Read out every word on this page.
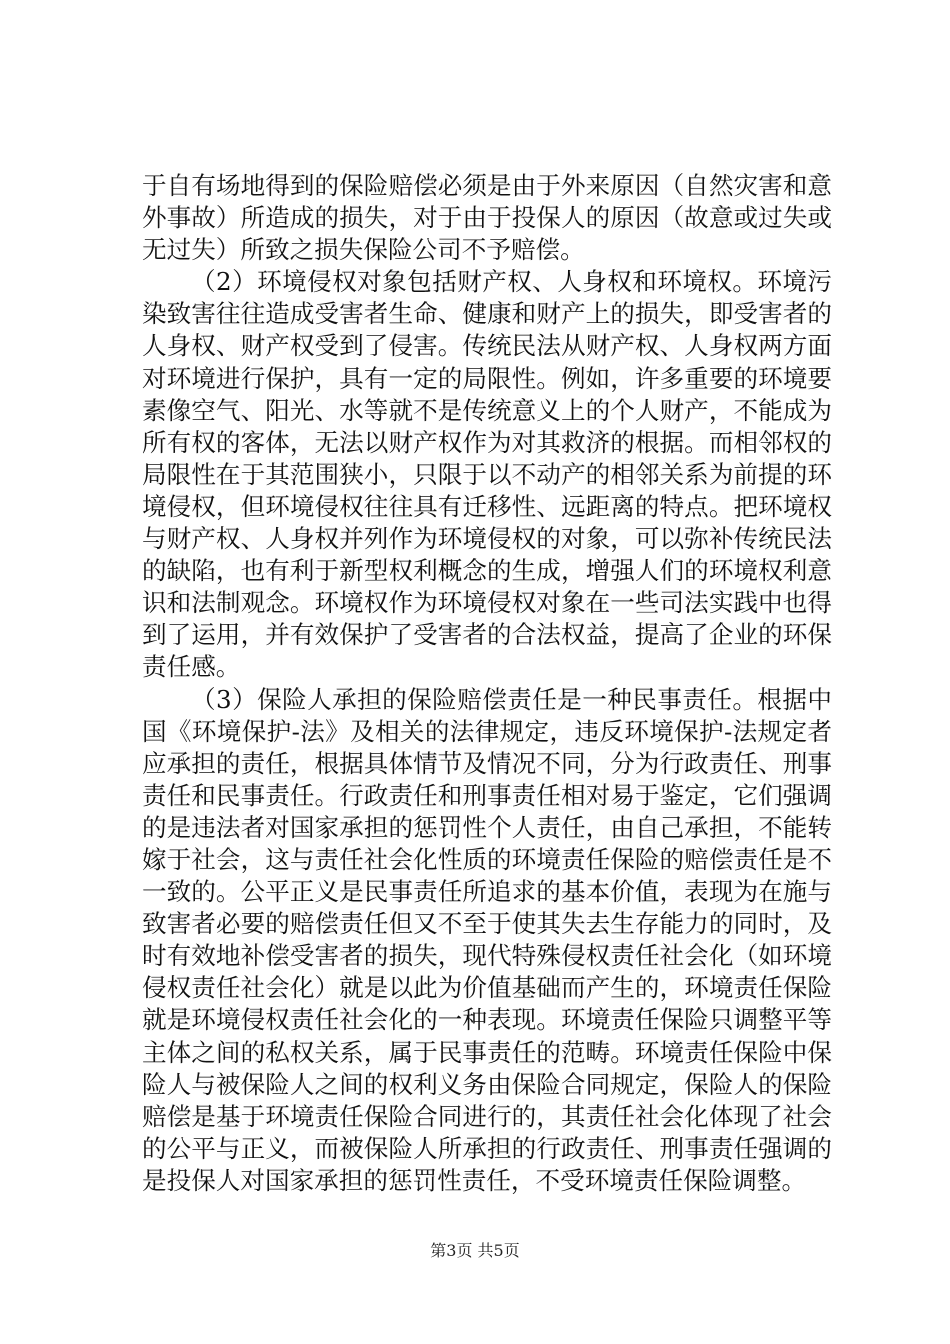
于自有场地得到的保险赔偿必须是由于外来原因（自然灾害和意外事故）所造成的损失，对于由于投保人的原因（故意或过失或无过失）所致之损失保险公司不予赔偿。

（2）环境侵权对象包括财产权、人身权和环境权。环境污染致害往往造成受害者生命、健康和财产上的损失，即受害者的人身权、财产权受到了侵害。传统民法从财产权、人身权两方面对环境进行保护，具有一定的局限性。例如，许多重要的环境要素像空气、阳光、水等就不是传统意义上的个人财产，不能成为所有权的客体，无法以财产权作为对其救济的根据。而相邻权的局限性在于其范围狭小，只限于以不动产的相邻关系为前提的环境侵权，但环境侵权往往具有迁移性、远距离的特点。把环境权与财产权、人身权并列作为环境侵权的对象，可以弥补传统民法的缺陷，也有利于新型权利概念的生成，增强人们的环境权利意识和法制观念。环境权作为环境侵权对象在一些司法实践中也得到了运用，并有效保护了受害者的合法权益，提高了企业的环保责任感。

（3）保险人承担的保险赔偿责任是一种民事责任。根据中国《环境保护-法》及相关的法律规定，违反环境保护-法规定者应承担的责任，根据具体情节及情况不同，分为行政责任、刑事责任和民事责任。行政责任和刑事责任相对易于鉴定，它们强调的是违法者对国家承担的惩罚性个人责任，由自己承担，不能转嫁于社会，这与责任社会化性质的环境责任保险的赔偿责任是不一致的。公平正义是民事责任所追求的基本价值，表现为在施与致害者必要的赔偿责任但又不至于使其失去生存能力的同时，及时有效地补偿受害者的损失，现代特殊侵权责任社会化（如环境侵权责任社会化）就是以此为价值基础而产生的，环境责任保险就是环境侵权责任社会化的一种表现。环境责任保险只调整平等主体之间的私权关系，属于民事责任的范畴。环境责任保险中保险人与被保险人之间的权利义务由保险合同规定，保险人的保险赔偿是基于环境责任保险合同进行的，其责任社会化体现了社会的公平与正义，而被保险人所承担的行政责任、刑事责任强调的是投保人对国家承担的惩罚性责任，不受环境责任保险调整。

第3页 共5页
